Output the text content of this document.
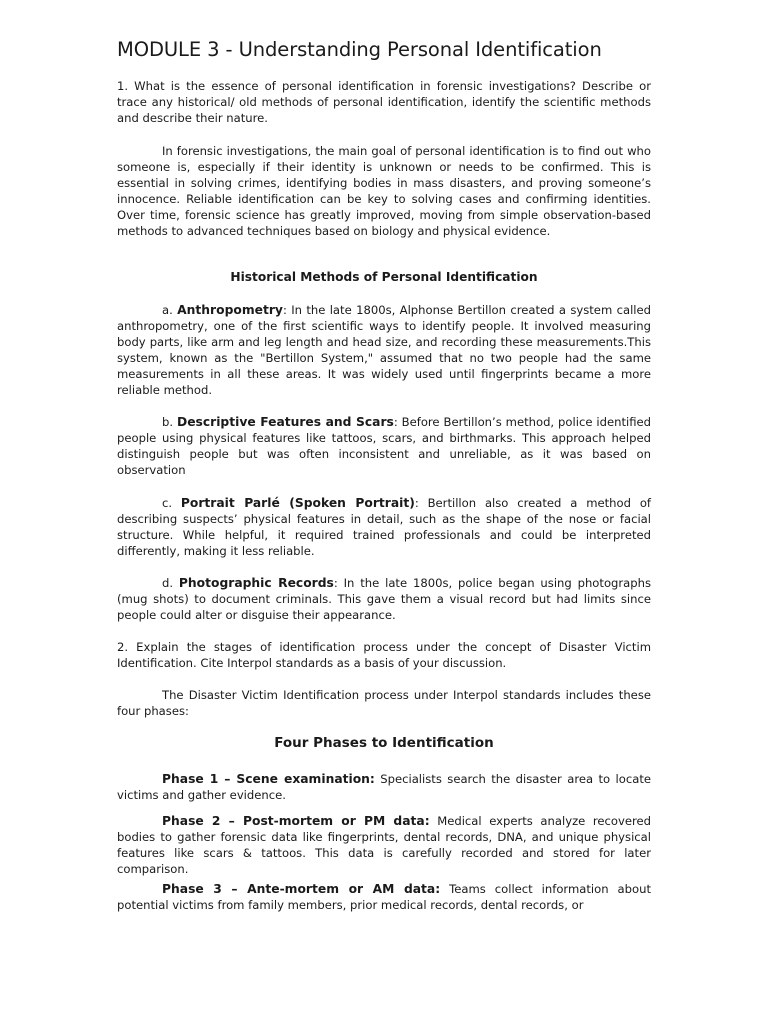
MODULE 3 - Understanding Personal Identification

1. What is the essence of personal identification in forensic investigations? Describe or trace any historical/ old methods of personal identification, identify the scientific methods and describe their nature.

In forensic investigations, the main goal of personal identification is to find out who someone is, especially if their identity is unknown or needs to be confirmed. This is essential in solving crimes, identifying bodies in mass disasters, and proving someone’s innocence. Reliable identification can be key to solving cases and confirming identities. Over time, forensic science has greatly improved, moving from simple observation-based methods to advanced techniques based on biology and physical evidence.

Historical Methods of Personal Identification

a. Anthropometry: In the late 1800s, Alphonse Bertillon created a system called anthropometry, one of the first scientific ways to identify people. It involved measuring body parts, like arm and leg length and head size, and recording these measurements.This system, known as the "Bertillon System," assumed that no two people had the same measurements in all these areas. It was widely used until fingerprints became a more reliable method.

b. Descriptive Features and Scars: Before Bertillon’s method, police identified people using physical features like tattoos, scars, and birthmarks. This approach helped distinguish people but was often inconsistent and unreliable, as it was based on observation

c. Portrait Parlé (Spoken Portrait): Bertillon also created a method of describing suspects’ physical features in detail, such as the shape of the nose or facial structure. While helpful, it required trained professionals and could be interpreted differently, making it less reliable.

d. Photographic Records: In the late 1800s, police began using photographs (mug shots) to document criminals. This gave them a visual record but had limits since people could alter or disguise their appearance.

2. Explain the stages of identification process under the concept of Disaster Victim Identification. Cite Interpol standards as a basis of your discussion.

The Disaster Victim Identification process under Interpol standards includes these four phases:

Four Phases to Identification

Phase 1 – Scene examination: Specialists search the disaster area to locate victims and gather evidence.

Phase 2 – Post-mortem or PM data: Medical experts analyze recovered bodies to gather forensic data like fingerprints, dental records, DNA, and unique physical features like scars & tattoos. This data is carefully recorded and stored for later comparison.

Phase 3 – Ante-mortem or AM data: Teams collect information about potential victims from family members, prior medical records, dental records, or
